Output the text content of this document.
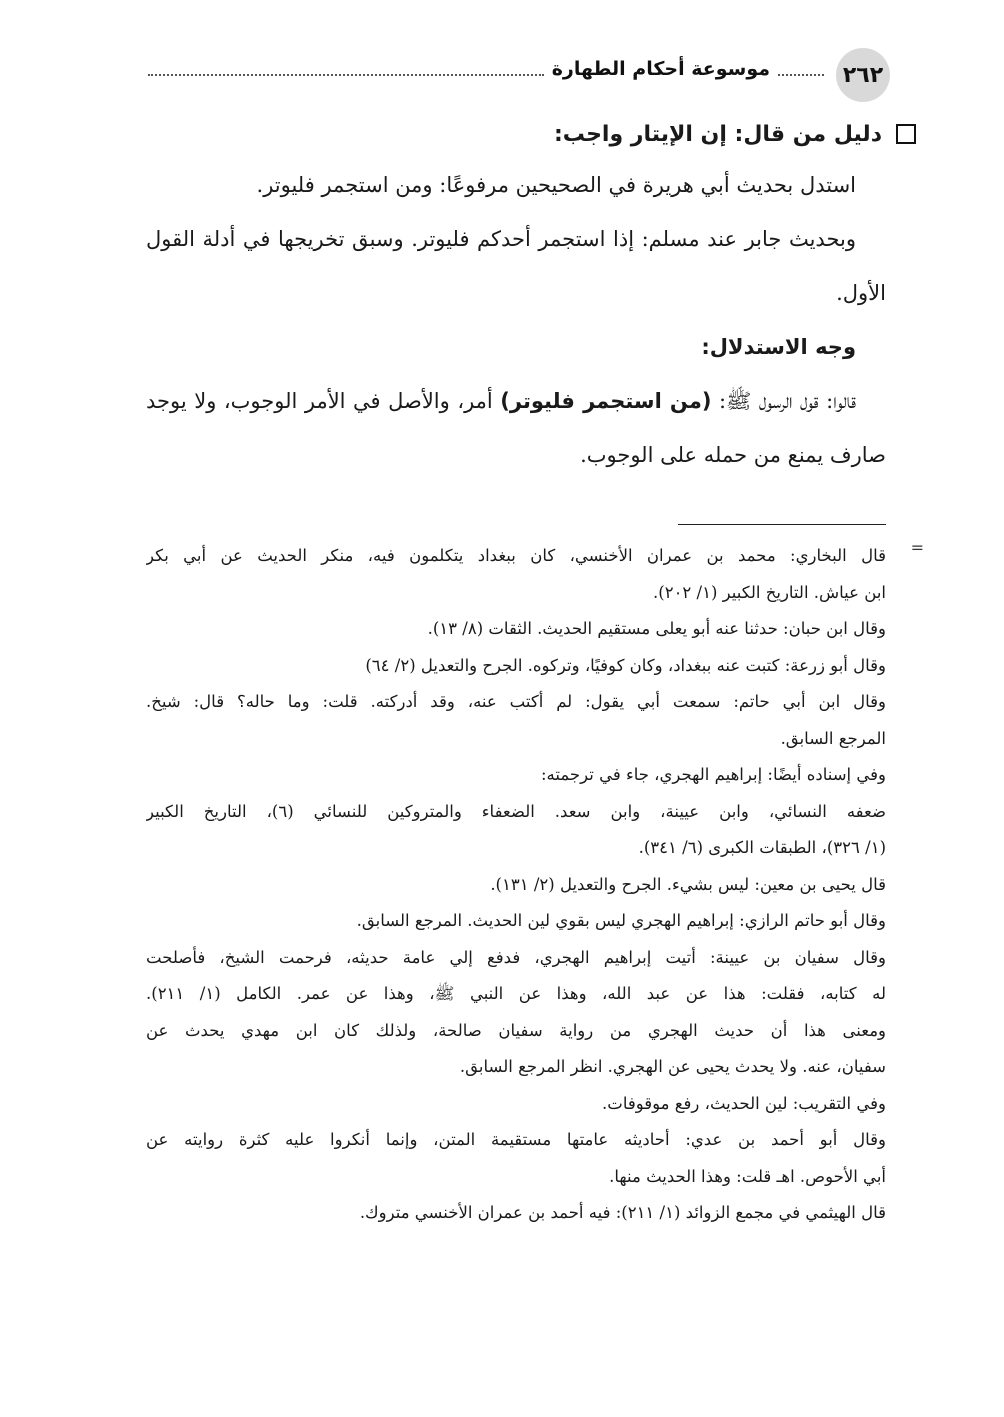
٢٦٢
موسوعة أحكام الطهارة
دليل من قال: إن الإيتار واجب:

استدل بحديث أبي هريرة في الصحيحين مرفوعًا: ومن استجمر فليوتر.

وبحديث جابر عند مسلم: إذا استجمر أحدكم فليوتر. وسبق تخريجها في أدلة القول الأول.

وجه الاستدلال:

قالوا: قول الرسول ﷺ: (من استجمر فليوتر) أمر، والأصل في الأمر الوجوب، ولا يوجد صارف يمنع من حمله على الوجوب.

=

قال البخاري: محمد بن عمران الأخنسي، كان ببغداد يتكلمون فيه، منكر الحديث عن أبي بكر

ابن عياش. التاريخ الكبير (١/ ٢٠٢).

وقال ابن حبان: حدثنا عنه أبو يعلى مستقيم الحديث. الثقات (٨/ ١٣).

وقال أبو زرعة: كتبت عنه ببغداد، وكان كوفيًا، وتركوه. الجرح والتعديل (٢/ ٦٤)

وقال ابن أبي حاتم: سمعت أبي يقول: لم أكتب عنه، وقد أدركته. قلت: وما حاله؟ قال: شيخ.

المرجع السابق.

وفي إسناده أيضًا: إبراهيم الهجري، جاء في ترجمته:

ضعفه النسائي، وابن عيينة، وابن سعد. الضعفاء والمتروكين للنسائي (٦)، التاريخ الكبير

(١/ ٣٢٦)، الطبقات الكبرى (٦/ ٣٤١).

قال يحيى بن معين: ليس بشيء. الجرح والتعديل (٢/ ١٣١).

وقال أبو حاتم الرازي: إبراهيم الهجري ليس بقوي لين الحديث. المرجع السابق.

وقال سفيان بن عيينة: أتيت إبراهيم الهجري، فدفع إلي عامة حديثه، فرحمت الشيخ، فأصلحت

له كتابه، فقلت: هذا عن عبد الله، وهذا عن النبي ﷺ، وهذا عن عمر. الكامل (١/ ٢١١).

ومعنى هذا أن حديث الهجري من رواية سفيان صالحة، ولذلك كان ابن مهدي يحدث عن

سفيان، عنه. ولا يحدث يحيى عن الهجري. انظر المرجع السابق.

وفي التقريب: لين الحديث، رفع موقوفات.

وقال أبو أحمد بن عدي: أحاديثه عامتها مستقيمة المتن، وإنما أنكروا عليه كثرة روايته عن

أبي الأحوص. اهـ قلت: وهذا الحديث منها.

قال الهيثمي في مجمع الزوائد (١/ ٢١١): فيه أحمد بن عمران الأخنسي متروك.
